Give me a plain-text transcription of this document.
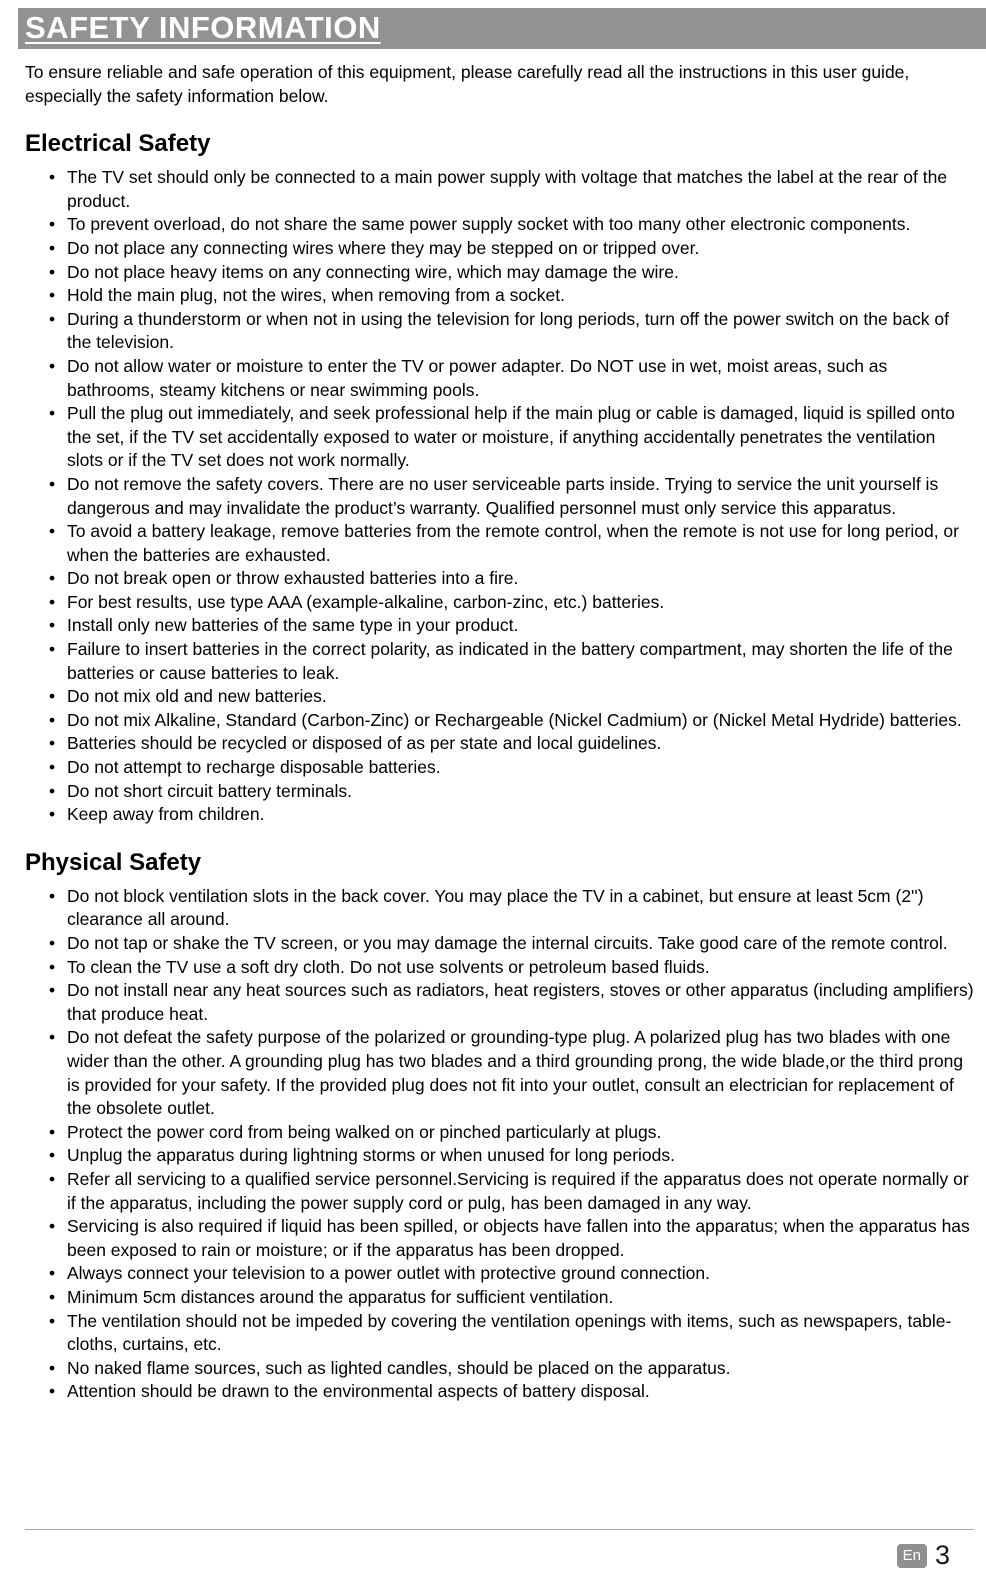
SAFETY INFORMATION

To ensure reliable and safe operation of this equipment, please carefully read all the instructions in this user guide, especially the safety information below.

Electrical Safety
• The TV set should only be connected to a main power supply with voltage that matches the label at the rear of the product.
• To prevent overload, do not share the same power supply socket with too many other electronic components.
• Do not place any connecting wires where they may be stepped on or tripped over.
• Do not place heavy items on any connecting wire, which may damage the wire.
• Hold the main plug, not the wires, when removing from a socket.
• During a thunderstorm or when not in using the television for long periods, turn off the power switch on the back of the television.
• Do not allow water or moisture to enter the TV or power adapter. Do NOT use in wet, moist areas, such as bathrooms, steamy kitchens or near swimming pools.
• Pull the plug out immediately, and seek professional help if the main plug or cable is damaged, liquid is spilled onto the set, if the TV set accidentally exposed to water or moisture, if anything accidentally penetrates the ventilation slots or if the TV set does not work normally.
• Do not remove the safety covers. There are no user serviceable parts inside. Trying to service the unit yourself is dangerous and may invalidate the product’s warranty. Qualified personnel must only service this apparatus.
• To avoid a battery leakage, remove batteries from the remote control, when the remote is not use for long period, or when the batteries are exhausted.
• Do not break open or throw exhausted batteries into a fire.
• For best results, use type AAA (example-alkaline, carbon-zinc, etc.) batteries.
• Install only new batteries of the same type in your product.
• Failure to insert batteries in the correct polarity, as indicated in the battery compartment, may shorten the life of the batteries or cause batteries to leak.
• Do not mix old and new batteries.
• Do not mix Alkaline, Standard (Carbon-Zinc) or Rechargeable (Nickel Cadmium) or (Nickel Metal Hydride) batteries.
• Batteries should be recycled or disposed of as per state and local guidelines.
• Do not attempt to recharge disposable batteries.
• Do not short circuit battery terminals.
• Keep away from children.
Physical Safety
• Do not block ventilation slots in the back cover. You may place the TV in a cabinet, but ensure at least 5cm (2'') clearance all around.
• Do not tap or shake the TV screen, or you may damage the internal circuits. Take good care of the remote control.
• To clean the TV use a soft dry cloth. Do not use solvents or petroleum based fluids.
• Do not install near any heat sources such as radiators, heat registers, stoves or other apparatus (including amplifiers) that produce heat.
• Do not defeat the safety purpose of the polarized or grounding-type plug. A polarized plug has two blades with one wider than the other. A grounding plug has two blades and a third grounding prong, the wide blade,or the third prong is provided for your safety. If the provided plug does not fit into your outlet, consult an electrician for replacement of the obsolete outlet.
• Protect the power cord from being walked on or pinched particularly at plugs.
• Unplug the apparatus during lightning storms or when unused for long periods.
• Refer all servicing to a qualified service personnel.Servicing is required if the apparatus does not operate normally or if the apparatus, including the power supply cord or pulg, has been damaged in any way.
• Servicing is also required if liquid has been spilled, or objects have fallen into the apparatus; when the apparatus has been exposed to rain or moisture; or if the apparatus has been dropped.
• Always connect your television to a power outlet with protective ground connection.
• Minimum 5cm distances around the apparatus for sufficient ventilation.
• The ventilation should not be impeded by covering the ventilation openings with items, such as newspapers, table-cloths, curtains, etc.
• No naked flame sources, such as lighted candles, should be placed on the apparatus.
• Attention should be drawn to the environmental aspects of battery disposal.
En 3
